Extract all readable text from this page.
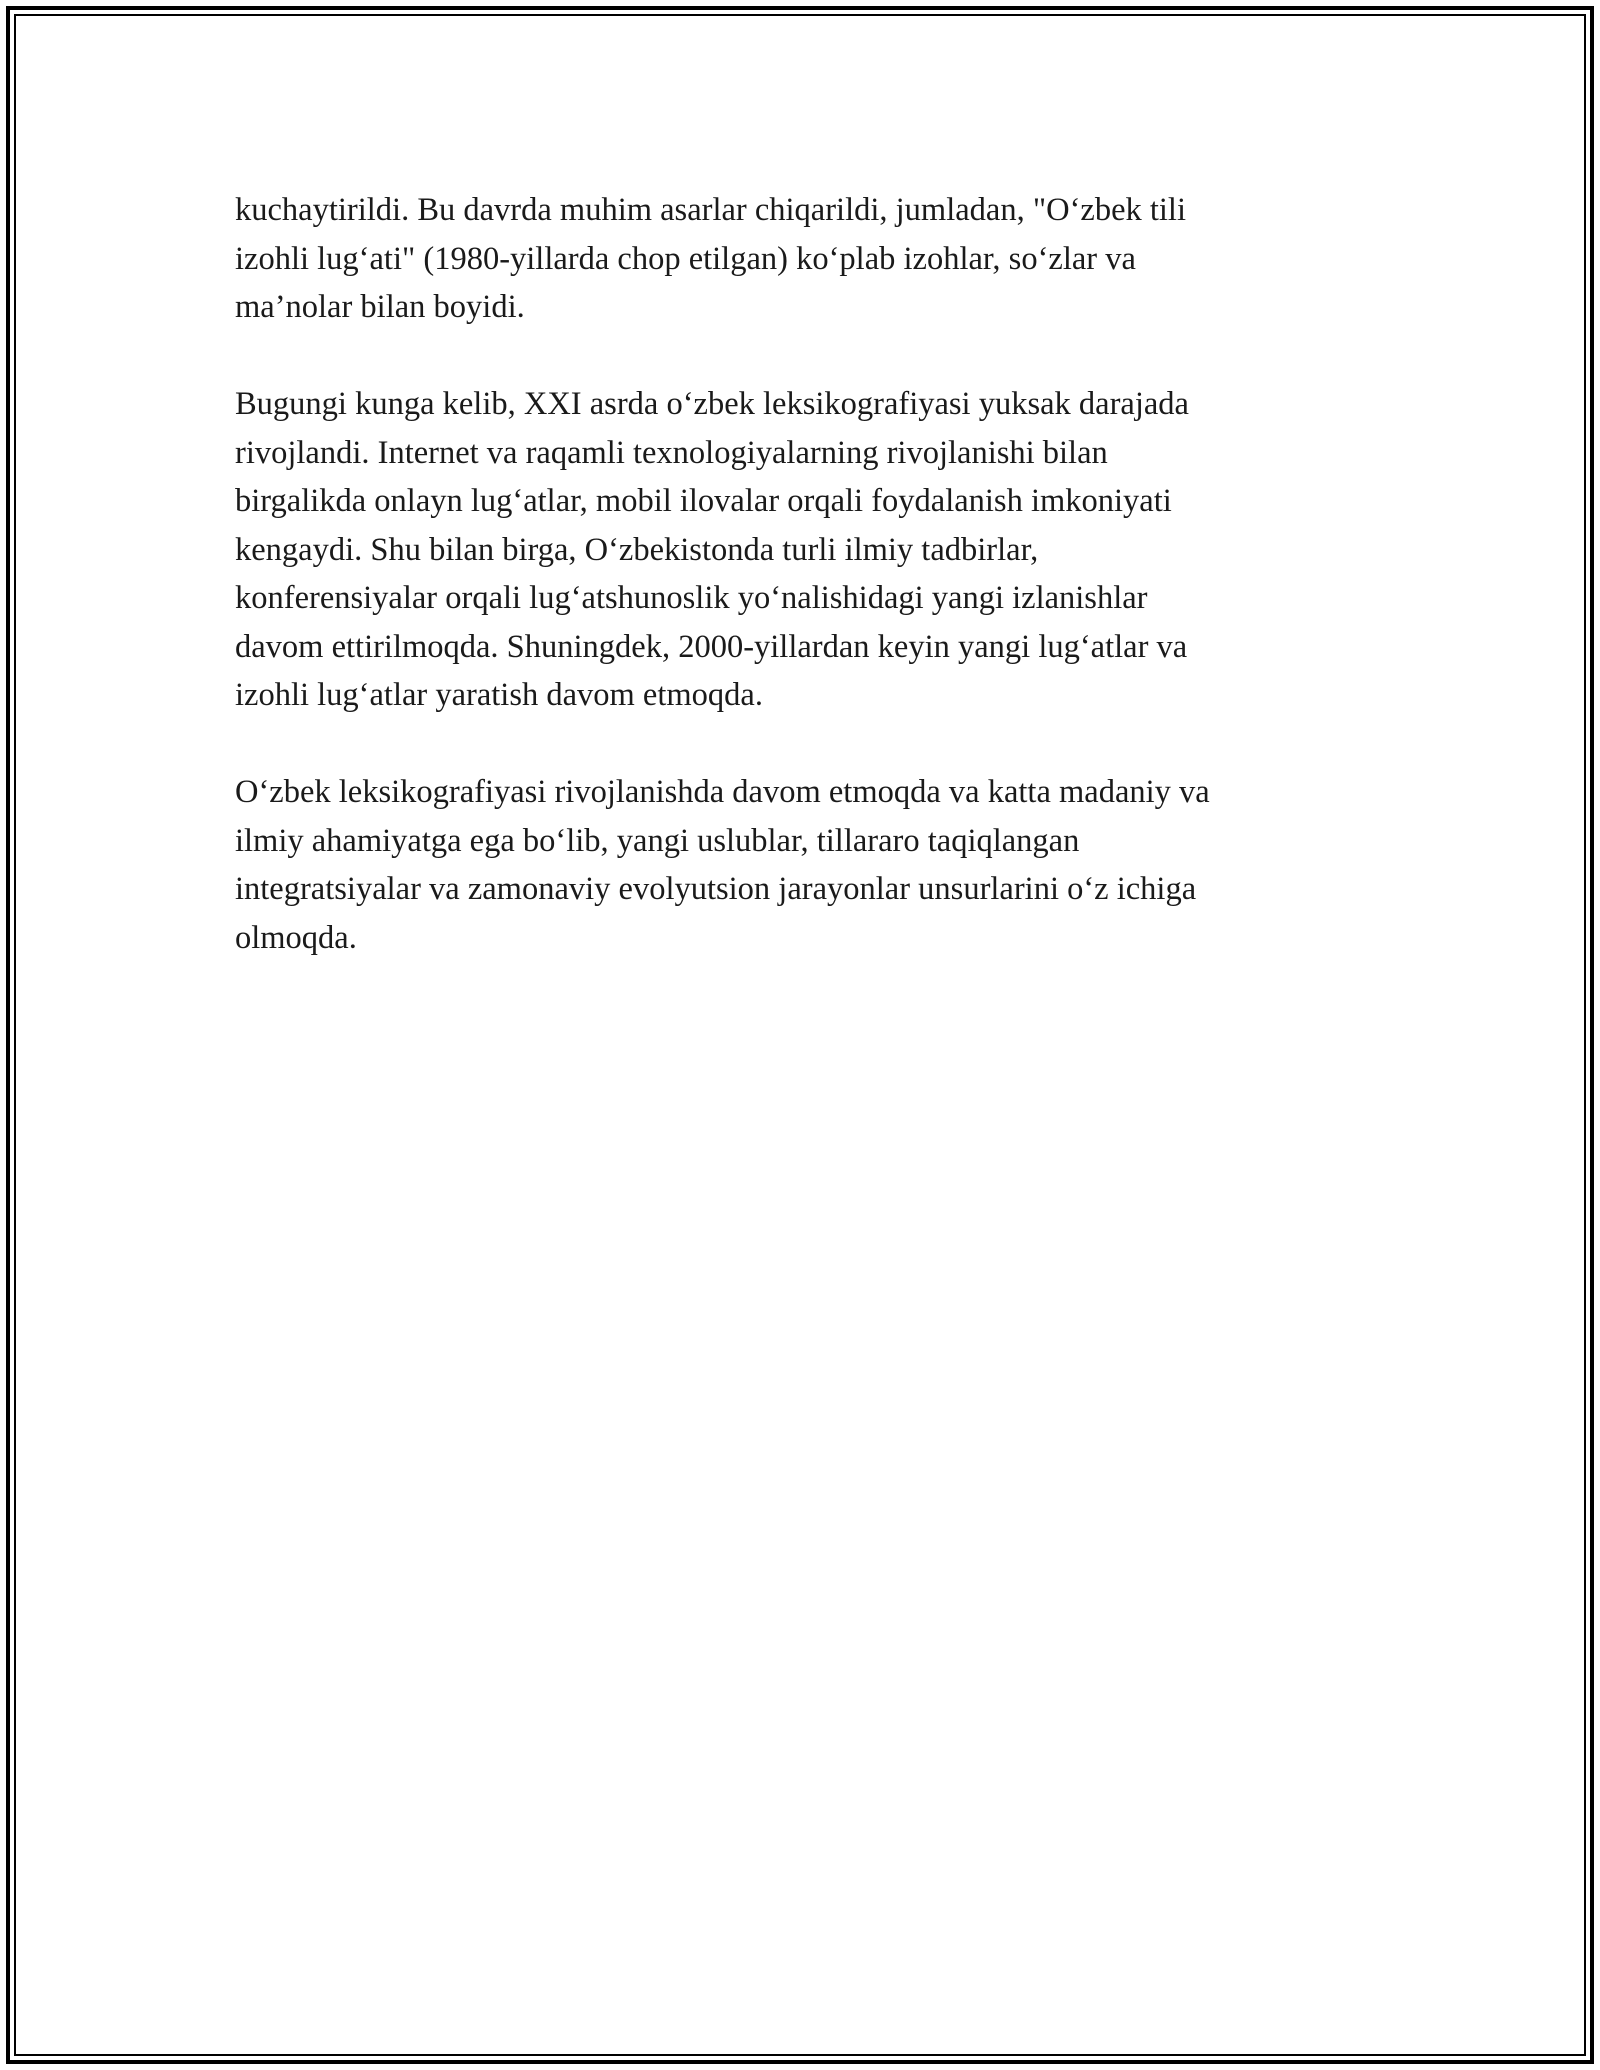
kuchaytirildi. Bu davrda muhim asarlar chiqarildi, jumladan, "O‘zbek tili
izohli lug‘ati" (1980-yillarda chop etilgan) ko‘plab izohlar, so‘zlar va
ma’nolar bilan boyidi.

Bugungi kunga kelib, XXI asrda o‘zbek leksikografiyasi yuksak darajada
rivojlandi. Internet va raqamli texnologiyalarning rivojlanishi bilan
birgalikda onlayn lug‘atlar, mobil ilovalar orqali foydalanish imkoniyati
kengaydi. Shu bilan birga, O‘zbekistonda turli ilmiy tadbirlar,
konferensiyalar orqali lug‘atshunoslik yo‘nalishidagi yangi izlanishlar
davom ettirilmoqda. Shuningdek, 2000-yillardan keyin yangi lug‘atlar va
izohli lug‘atlar yaratish davom etmoqda.

O‘zbek leksikografiyasi rivojlanishda davom etmoqda va katta madaniy va
ilmiy ahamiyatga ega bo‘lib, yangi uslublar, tillararo taqiqlangan
integratsiyalar va zamonaviy evolyutsion jarayonlar unsurlarini o‘z ichiga
olmoqda.
